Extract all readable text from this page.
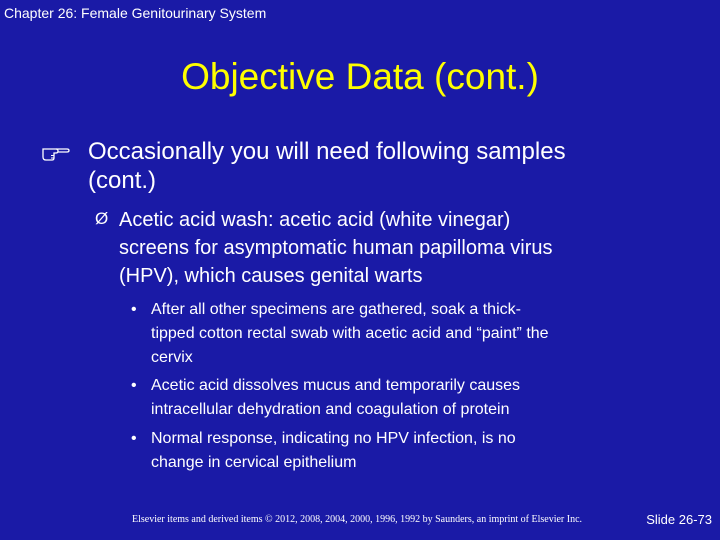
Chapter 26: Female Genitourinary System
Objective Data (cont.)
Occasionally you will need following samples
(cont.)
Ø Acetic acid wash: acetic acid (white vinegar)
screens for asymptomatic human papilloma virus
(HPV), which causes genital warts
• After all other specimens are gathered, soak a thick-
tipped cotton rectal swab with acetic acid and “paint” the
cervix
• Acetic acid dissolves mucus and temporarily causes
intracellular dehydration and coagulation of protein
• Normal response, indicating no HPV infection, is no
change in cervical epithelium
Elsevier items and derived items © 2012, 2008, 2004, 2000, 1996, 1992 by Saunders, an imprint of Elsevier Inc.	Slide 26-73
